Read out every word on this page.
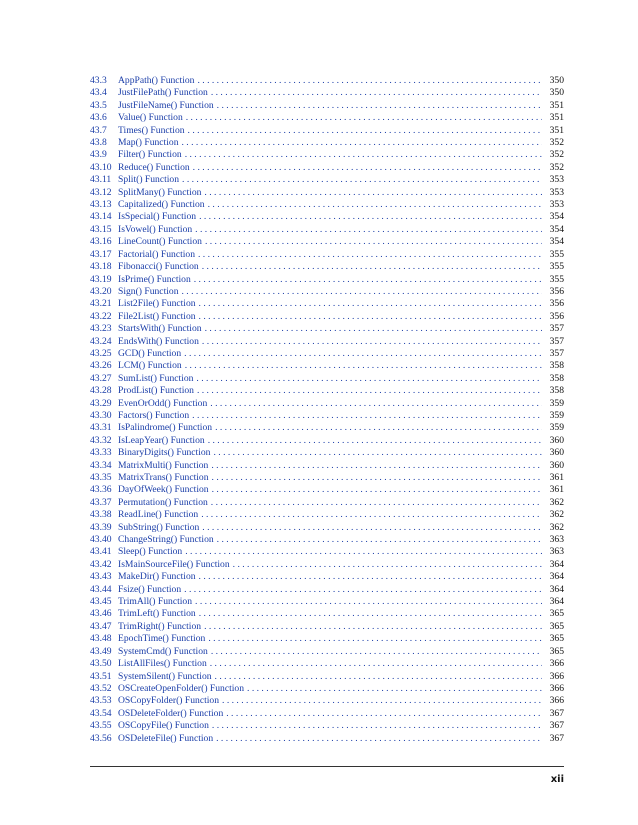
43.3	AppPath() Function . . .	350
43.4	JustFilePath() Function . . .	350
43.5	JustFileName() Function . . .	351
43.6	Value() Function . . .	351
43.7	Times() Function . . .	351
43.8	Map() Function . . .	352
43.9	Filter() Function . . .	352
43.10 Reduce() Function . . .	352
43.11 Split() Function . . .	353
43.12 SplitMany() Function . . .	353
43.13 Capitalized() Function . . .	353
43.14 IsSpecial() Function . . .	354
43.15 IsVowel() Function . . .	354
43.16 LineCount() Function . . .	354
43.17 Factorial() Function . . .	355
43.18 Fibonacci() Function . . .	355
43.19 IsPrime() Function . . .	355
43.20 Sign() Function . . .	356
43.21 List2File() Function . . .	356
43.22 File2List() Function . . .	356
43.23 StartsWith() Function . . .	357
43.24 EndsWith() Function . . .	357
43.25 GCD() Function . . .	357
43.26 LCM() Function . . .	358
43.27 SumList() Function . . .	358
43.28 ProdList() Function . . .	358
43.29 EvenOrOdd() Function . . .	359
43.30 Factors() Function . . .	359
43.31 IsPalindrome() Function . . .	359
43.32 IsLeapYear() Function . . .	360
43.33 BinaryDigits() Function . . .	360
43.34 MatrixMulti() Function . . .	360
43.35 MatrixTrans() Function . . .	361
43.36 DayOfWeek() Function . . .	361
43.37 Permutation() Function . . .	362
43.38 ReadLine() Function . . .	362
43.39 SubString() Function . . .	362
43.40 ChangeString() Function . . .	363
43.41 Sleep() Function . . .	363
43.42 IsMainSourceFile() Function . . .	364
43.43 MakeDir() Function . . .	364
43.44 Fsize() Function . . .	364
43.45 TrimAll() Function . . .	364
43.46 TrimLeft() Function . . .	365
43.47 TrimRight() Function . . .	365
43.48 EpochTime() Function . . .	365
43.49 SystemCmd() Function . . .	365
43.50 ListAllFiles() Function . . .	366
43.51 SystemSilent() Function . . .	366
43.52 OSCreateOpenFolder() Function . . .	366
43.53 OSCopyFolder() Function . . .	366
43.54 OSDeleteFolder() Function . . .	367
43.55 OSCopyFile() Function . . .	367
43.56 OSDeleteFile() Function . . .	367
xii
